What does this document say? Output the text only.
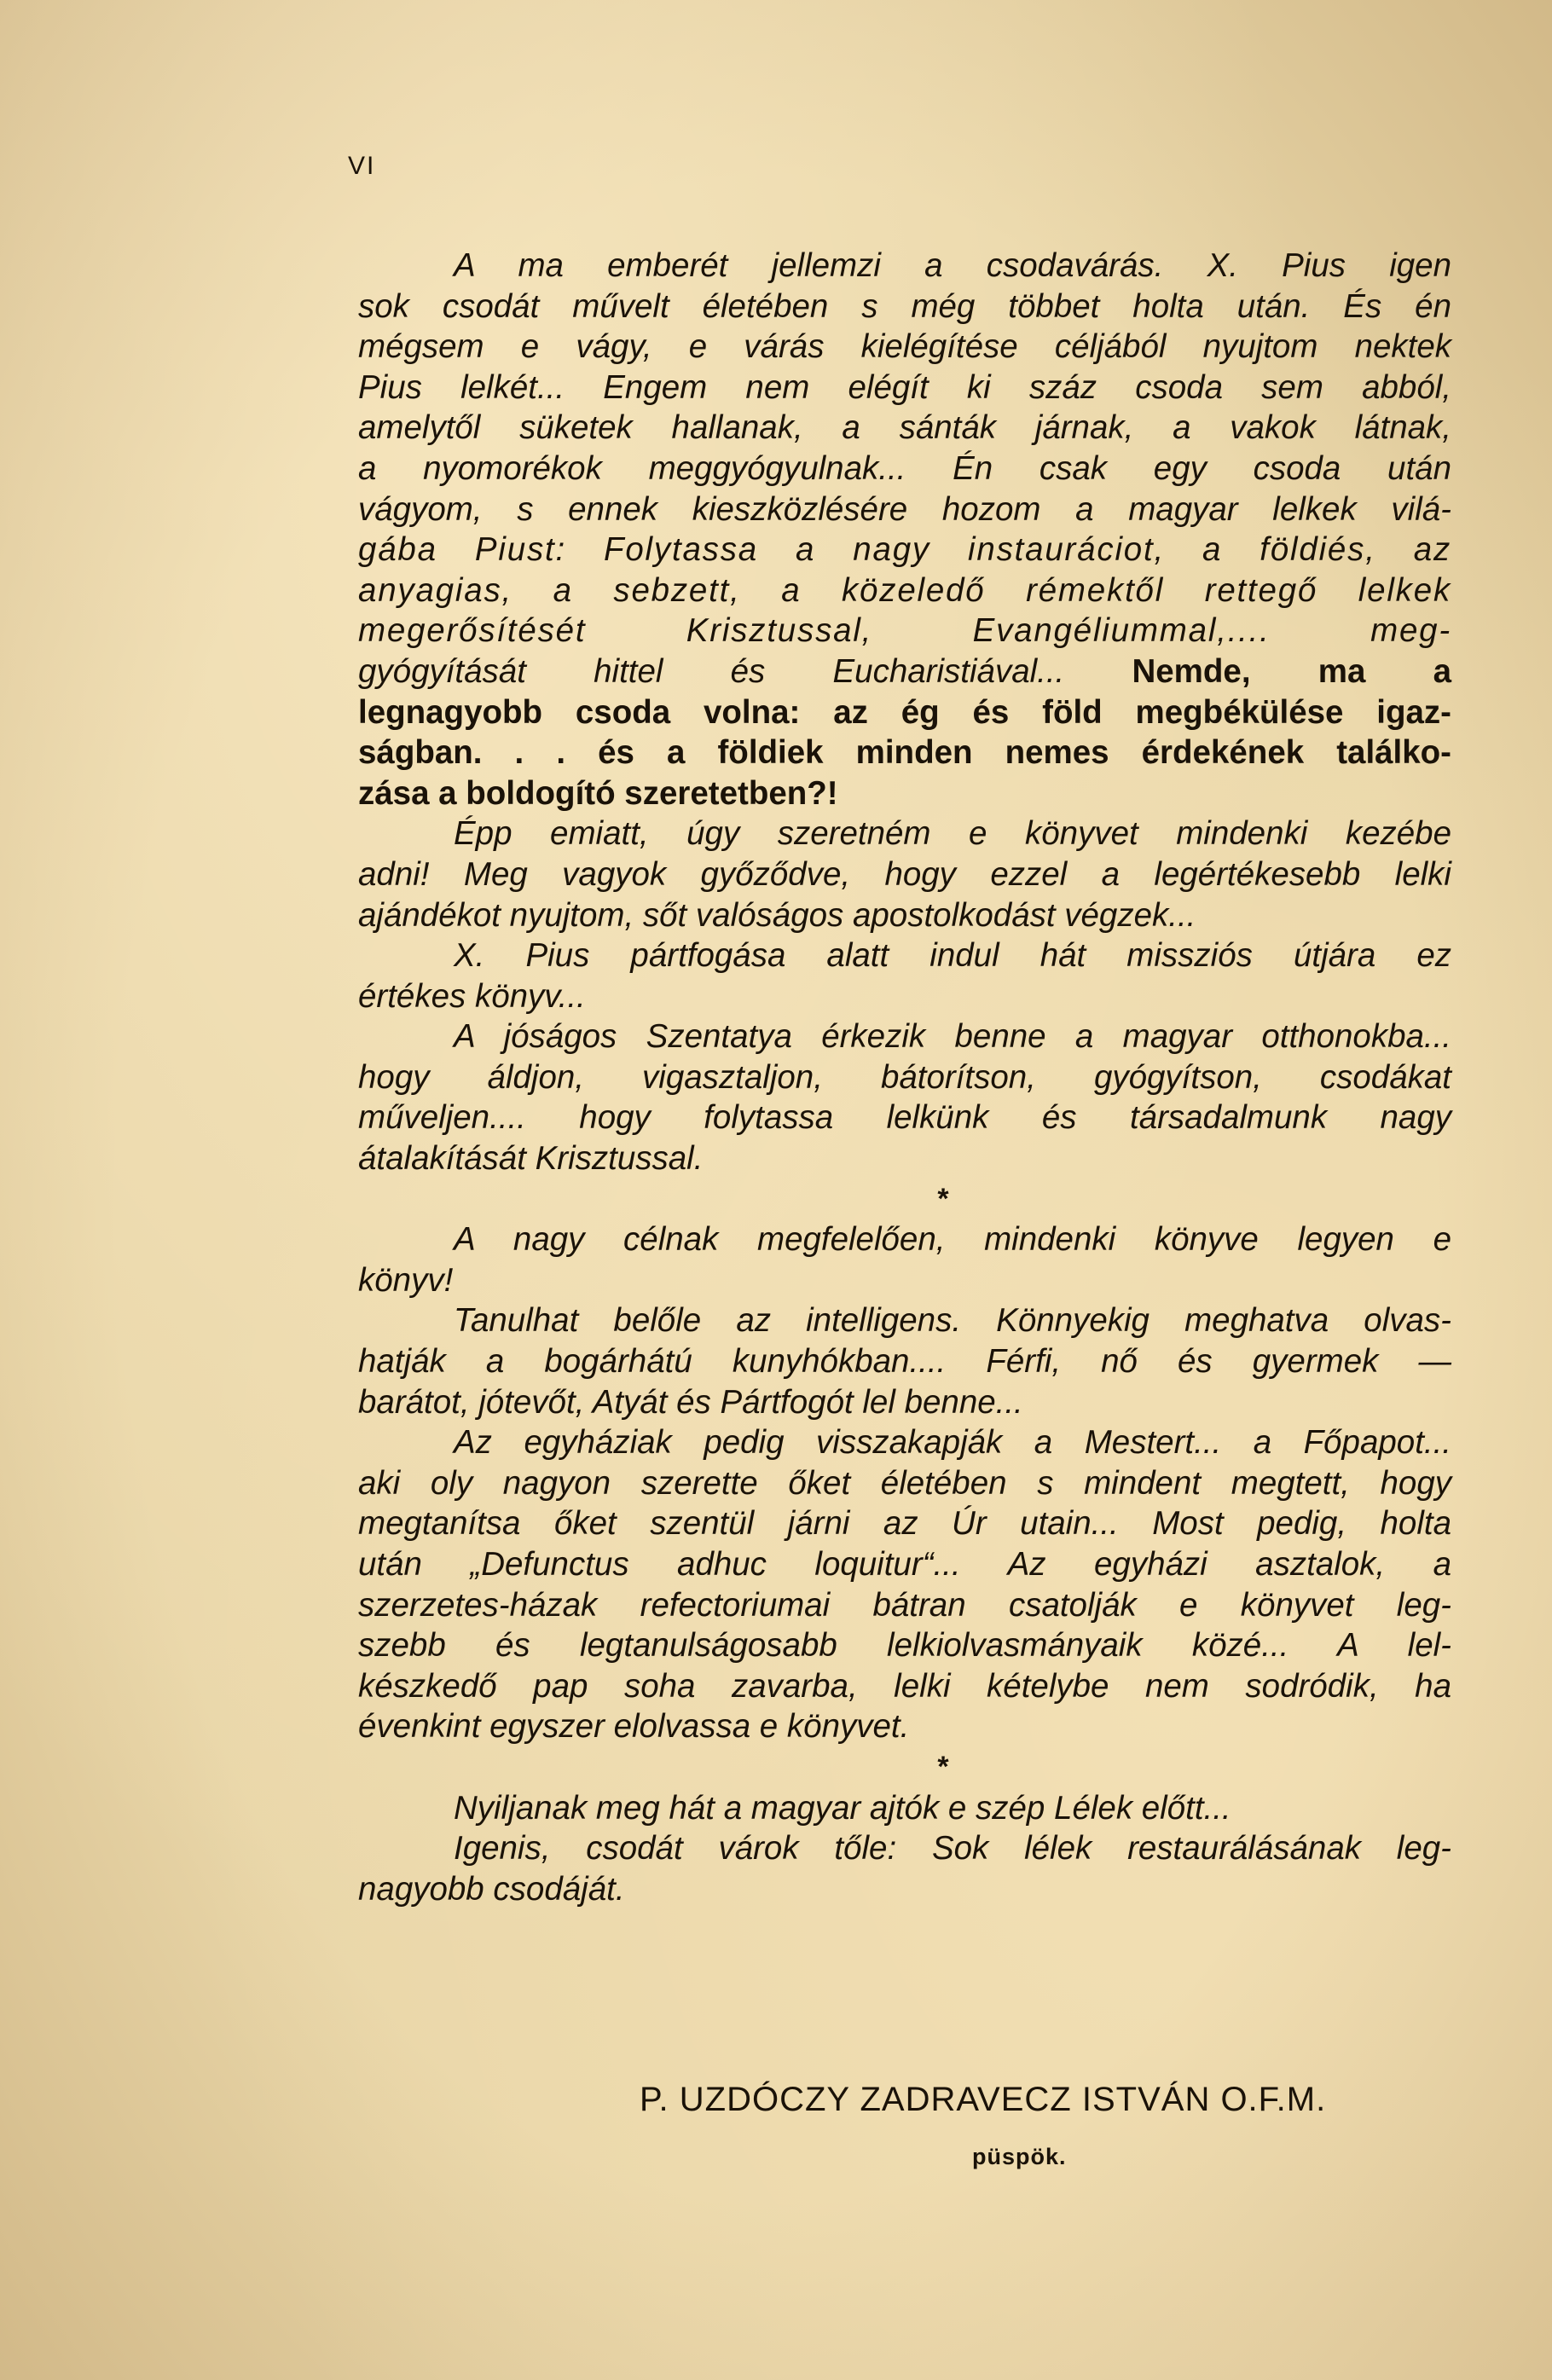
VI
A ma emberét jellemzi a csodavárás. X. Pius igen
sok csodát művelt életében s még többet holta után. És én
mégsem e vágy, e várás kielégítése céljából nyujtom nektek
Pius lelkét... Engem nem elégít ki száz csoda sem abból,
amelytől süketek hallanak, a sánták járnak, a vakok látnak,
a nyomorékok meggyógyulnak... Én csak egy csoda után
vágyom, s ennek kieszközlésére hozom a magyar lelkek vilá-
gába Piust: Folytassa a nagy instauráciot, a földiés, az
anyagias, a sebzett, a közeledő rémektől rettegő lelkek
megerősítését Krisztussal, Evangéliummal,.... meg-
gyógyítását hittel és Eucharistiával... Nemde, ma a
legnagyobb csoda volna: az ég és föld megbékülése igaz-
ságban. . . és a földiek minden nemes érdekének találko-
zása a boldogító szeretetben?!
Épp emiatt, úgy szeretném e könyvet mindenki kezébe
adni! Meg vagyok győződve, hogy ezzel a legértékesebb lelki
ajándékot nyujtom, sőt valóságos apostolkodást végzek...
X. Pius pártfogása alatt indul hát missziós útjára ez
értékes könyv...
A jóságos Szentatya érkezik benne a magyar otthonokba...
hogy áldjon, vigasztaljon, bátorítson, gyógyítson, csodákat
műveljen.... hogy folytassa lelkünk és társadalmunk nagy
átalakítását Krisztussal.
*
A nagy célnak megfelelően, mindenki könyve legyen e
könyv!
Tanulhat belőle az intelligens. Könnyekig meghatva olvas-
hatják a bogárhátú kunyhókban.... Férfi, nő és gyermek —
barátot, jótevőt, Atyát és Pártfogót lel benne...
Az egyháziak pedig visszakapják a Mestert... a Főpapot...
aki oly nagyon szerette őket életében s mindent megtett, hogy
megtanítsa őket szentül járni az Úr utain... Most pedig, holta
után „Defunctus adhuc loquitur“... Az egyházi asztalok, a
szerzetes-házak refectoriumai bátran csatolják e könyvet leg-
szebb és legtanulságosabb lelkiolvasmányaik közé... A lel-
készkedő pap soha zavarba, lelki kételybe nem sodródik, ha
évenkint egyszer elolvassa e könyvet.
*
Nyiljanak meg hát a magyar ajtók e szép Lélek előtt...
Igenis, csodát várok tőle: Sok lélek restaurálásának leg-
nagyobb csodáját.
P. UZDÓCZY ZADRAVECZ ISTVÁN O.F.M.
püspök.
